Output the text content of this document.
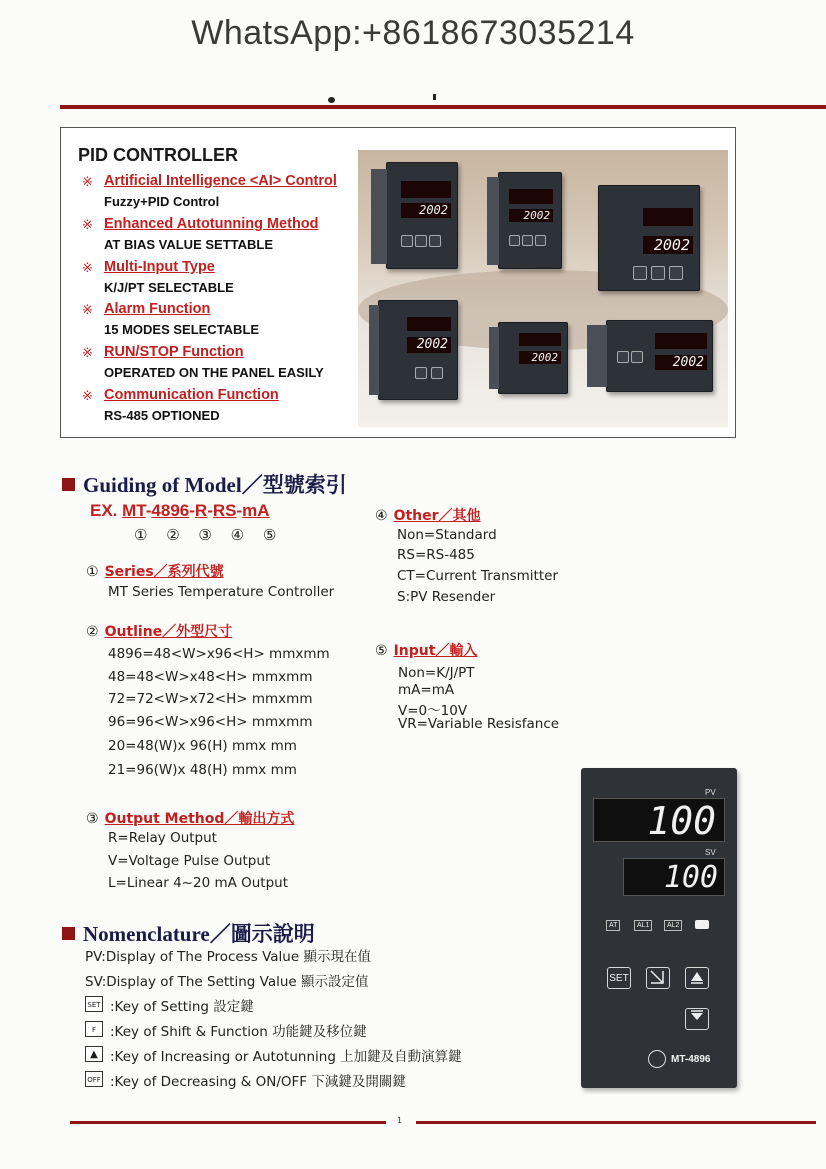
WhatsApp:+8618673035214
PID CONTROLLER
※ Artificial Intelligence <AI> Control
Fuzzy+PID Control
※ Enhanced Autotunning Method
AT BIAS VALUE SETTABLE
※ Multi-Input Type
K/J/PT SELECTABLE
※ Alarm Function
15 MODES SELECTABLE
※ RUN/STOP Function
OPERATED ON THE PANEL EASILY
※ Communication Function
RS-485 OPTIONED
2002	2002
2002
2002
2002	2002
Guiding of Model／型號索引
EX. MT-4896-R-RS-mA
① ② ③ ④ ⑤
① Series／系列代號
MT Series Temperature Controller
② Outline／外型尺寸
4896=48<W>x96<H> mmxmm
48=48<W>x48<H> mmxmm
72=72<W>x72<H> mmxmm
96=96<W>x96<H> mmxmm
20=48(W)x 96(H) mmx mm
21=96(W)x 48(H) mmx mm
③ Output Method／輸出方式
R=Relay Output
V=Voltage Pulse Output
L=Linear 4~20 mA Output
④ Other／其他
Non=Standard
RS=RS-485
CT=Current Transmitter
S:PV Resender
⑤ Input／輸入
Non=K/J/PT
mA=mA
V=0～10V
VR=Variable Resisfance
Nomenclature／圖示說明
PV:Display of The Process Value 顯示現在值
SV:Display of The Setting Value 顯示設定值
SET :Key of Setting 設定鍵
F	:Key of Shift & Function 功能鍵及移位鍵
▲ :Key of Increasing or Autotunning 上加鍵及自動演算鍵
OFF :Key of Decreasing & ON/OFF 下減鍵及開關鍵
PV
100
SV
100
AT	AL1	AL2
SET
MT-4896
1
